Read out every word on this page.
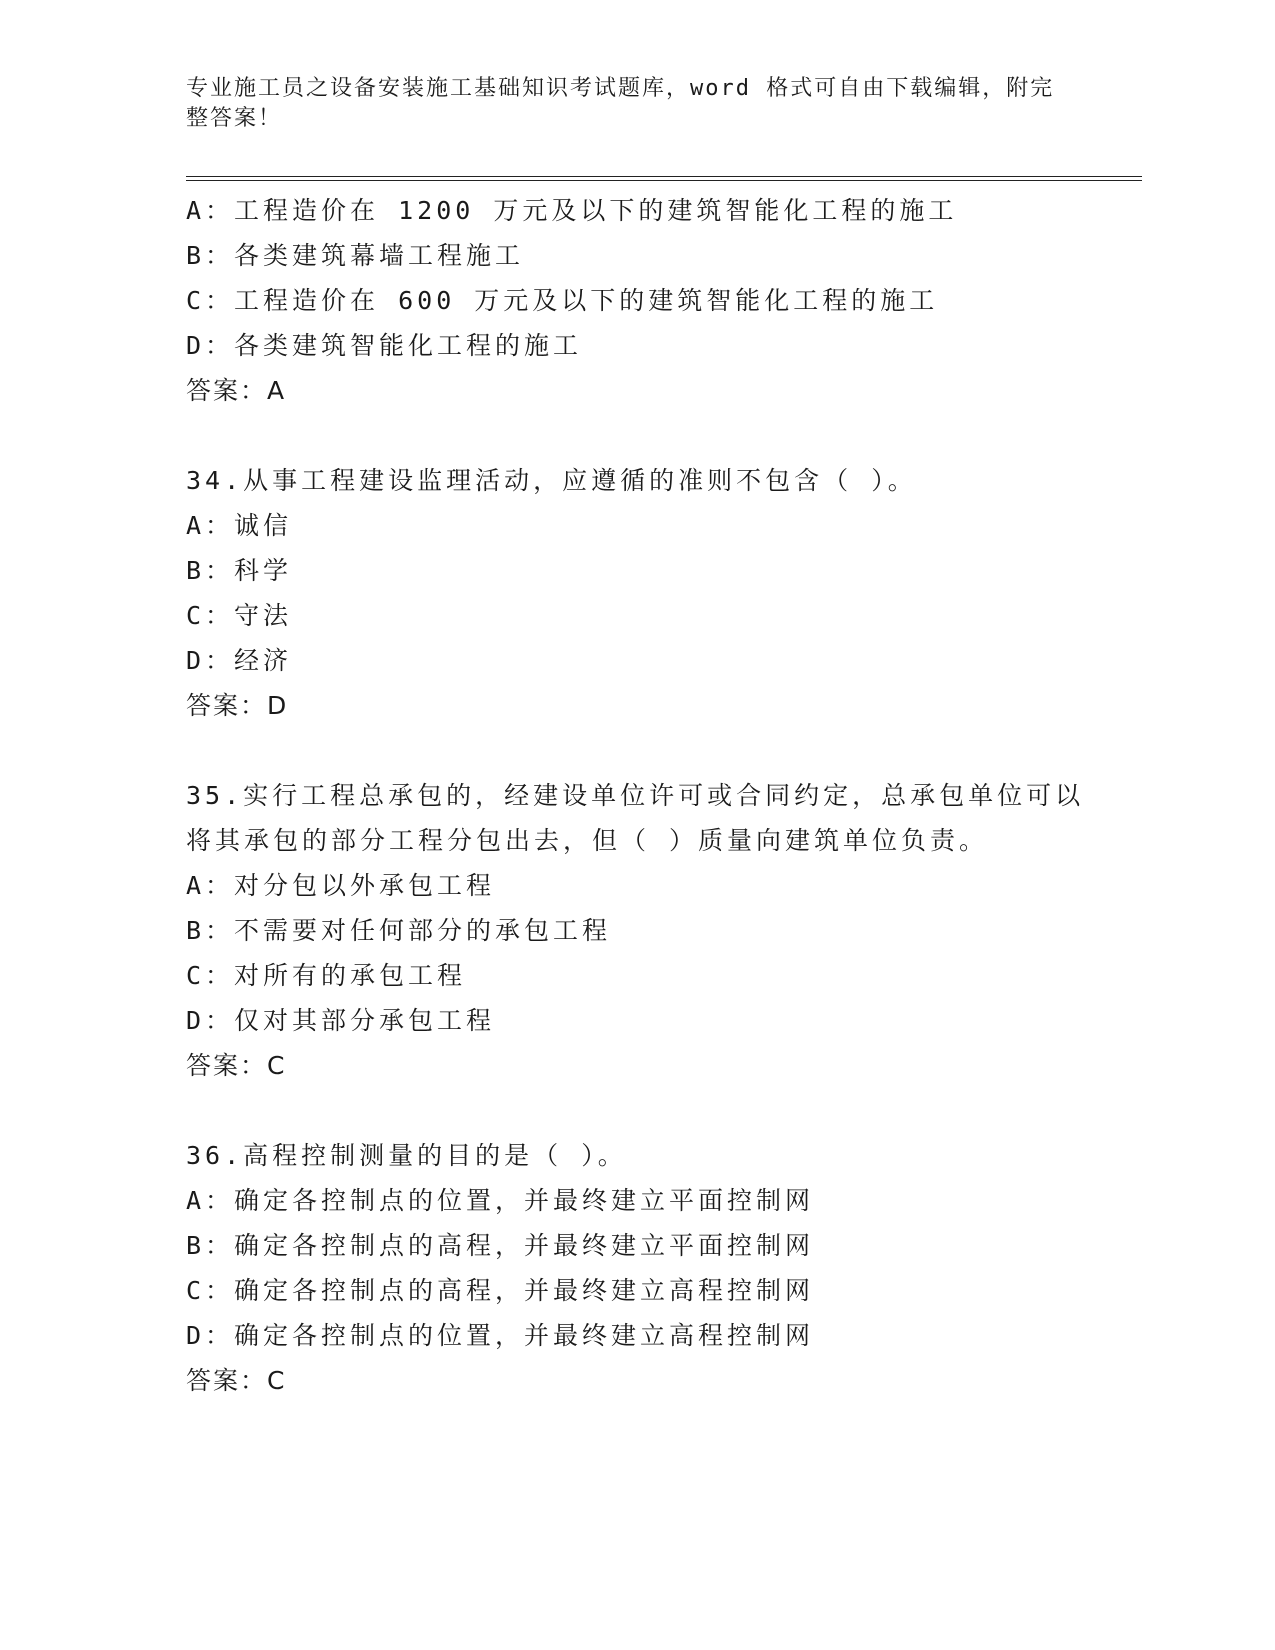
专业施工员之设备安装施工基础知识考试题库，word 格式可自由下载编辑，附完整答案！
A：工程造价在 1200 万元及以下的建筑智能化工程的施工
B：各类建筑幕墙工程施工
C：工程造价在 600 万元及以下的建筑智能化工程的施工
D：各类建筑智能化工程的施工
答案：A
34.从事工程建设监理活动，应遵循的准则不包含（ ）。
A：诚信
B：科学
C：守法
D：经济
答案：D
35.实行工程总承包的，经建设单位许可或合同约定，总承包单位可以
将其承包的部分工程分包出去，但（ ）质量向建筑单位负责。
A：对分包以外承包工程
B：不需要对任何部分的承包工程
C：对所有的承包工程
D：仅对其部分承包工程
答案：C
36.高程控制测量的目的是（ ）。
A：确定各控制点的位置，并最终建立平面控制网
B：确定各控制点的高程，并最终建立平面控制网
C：确定各控制点的高程，并最终建立高程控制网
D：确定各控制点的位置，并最终建立高程控制网
答案：C
